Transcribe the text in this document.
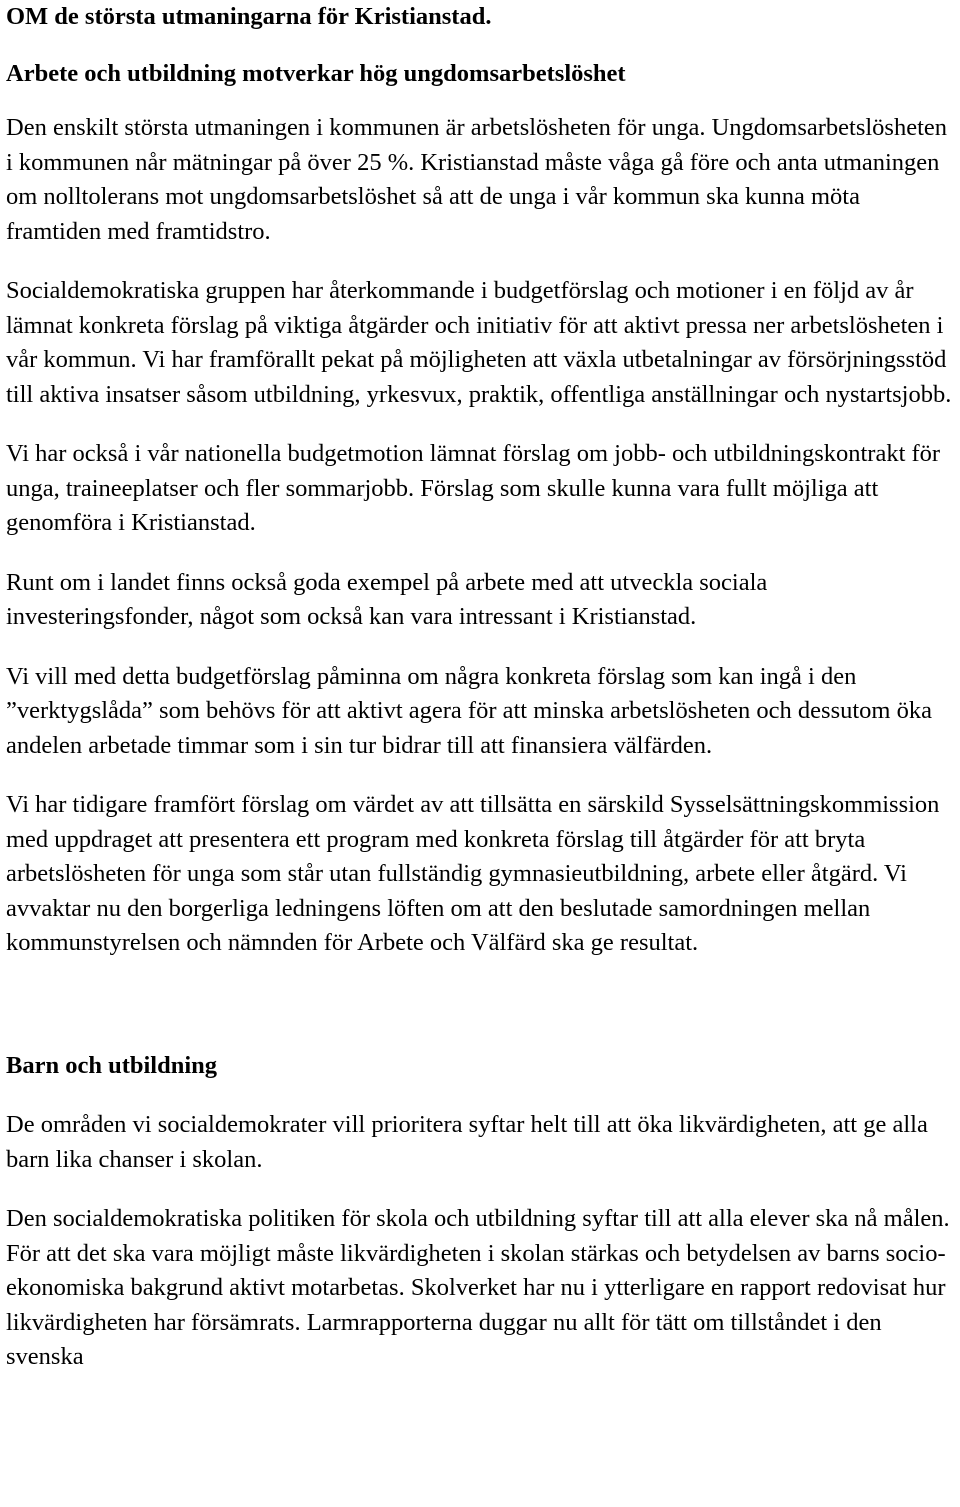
OM de största utmaningarna för Kristianstad.

Arbete och utbildning motverkar hög ungdomsarbetslöshet

Den enskilt största utmaningen i kommunen är arbetslösheten för unga. Ungdomsarbetslösheten i kommunen når mätningar på över 25 %. Kristianstad måste våga gå före och anta utmaningen om nolltolerans mot ungdomsarbetslöshet så att de unga i vår kommun ska kunna möta framtiden med framtidstro.

Socialdemokratiska gruppen har återkommande i budgetförslag och motioner i en följd av år lämnat konkreta förslag på viktiga åtgärder och initiativ för att aktivt pressa ner arbetslösheten i vår kommun. Vi har framförallt pekat på möjligheten att växla utbetalningar av försörjningsstöd till aktiva insatser såsom utbildning, yrkesvux, praktik, offentliga anställningar och nystartsjobb.

Vi har också i vår nationella budgetmotion lämnat förslag om jobb- och utbildningskontrakt för unga, traineeplatser och fler sommarjobb. Förslag som skulle kunna vara fullt möjliga att genomföra i Kristianstad.

Runt om i landet finns också goda exempel på arbete med att utveckla sociala investeringsfonder, något som också kan vara intressant i Kristianstad.

Vi vill med detta budgetförslag påminna om några konkreta förslag som kan ingå i den ”verktygslåda” som behövs för att aktivt agera för att minska arbetslösheten och dessutom öka andelen arbetade timmar som i sin tur bidrar till att finansiera välfärden.

Vi har tidigare framfört förslag om värdet av att tillsätta en särskild Sysselsättningskommission med uppdraget att presentera ett program med konkreta förslag till åtgärder för att bryta arbetslösheten för unga som står utan fullständig gymnasieutbildning, arbete eller åtgärd. Vi avvaktar nu den borgerliga ledningens löften om att den beslutade samordningen mellan kommunstyrelsen och nämnden för Arbete och Välfärd ska ge resultat.

Barn och utbildning

De områden vi socialdemokrater vill prioritera syftar helt till att öka likvärdigheten, att ge alla barn lika chanser i skolan.

Den socialdemokratiska politiken för skola och utbildning syftar till att alla elever ska nå målen. För att det ska vara möjligt måste likvärdigheten i skolan stärkas och betydelsen av barns socio- ekonomiska bakgrund aktivt motarbetas. Skolverket har nu i ytterligare en rapport redovisat hur likvärdigheten har försämrats. Larmrapporterna duggar nu allt för tätt om tillståndet i den svenska
